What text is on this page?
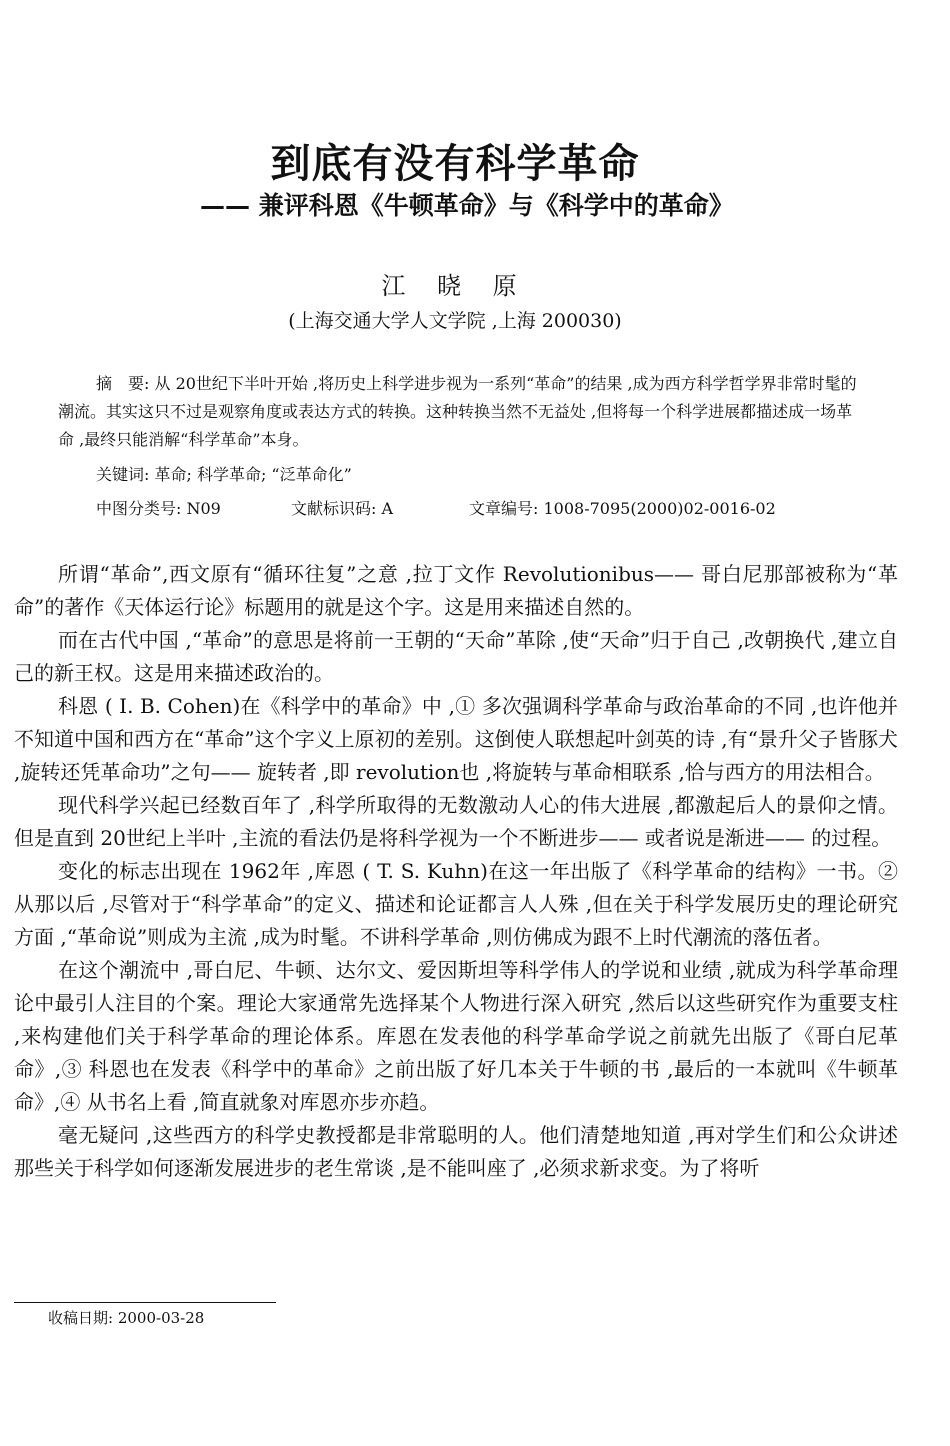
到底有没有科学革命
—— 兼评科恩《牛顿革命》与《科学中的革命》
江 晓 原
(上海交通大学人文学院 ,上海 200030)

摘　要: 从 20世纪下半叶开始 ,将历史上科学进步视为一系列“革命”的结果 ,成为西方科学哲学界非常时髦的潮流。其实这只不过是观察角度或表达方式的转换。这种转换当然不无益处 ,但将每一个科学进展都描述成一场革命 ,最终只能消解“科学革命”本身。

关键词: 革命; 科学革命; “泛革命化”
中图分类号: N09	文献标识码: A	文章编号: 1008-7095(2000)02-0016-02

所谓“革命”,西文原有“循环往复”之意 ,拉丁文作 Revolutionibus—— 哥白尼那部被称为“革命”的著作《天体运行论》标题用的就是这个字。这是用来描述自然的。

而在古代中国 ,“革命”的意思是将前一王朝的“天命”革除 ,使“天命”归于自己 ,改朝换代 ,建立自己的新王权。这是用来描述政治的。

科恩 ( I. B. Cohen)在《科学中的革命》中 ,① 多次强调科学革命与政治革命的不同 ,也许他并不知道中国和西方在“革命”这个字义上原初的差别。这倒使人联想起叶剑英的诗 ,有“景升父子皆豚犬 ,旋转还凭革命功”之句—— 旋转者 ,即 revolution也 ,将旋转与革命相联系 ,恰与西方的用法相合。

现代科学兴起已经数百年了 ,科学所取得的无数激动人心的伟大进展 ,都激起后人的景仰之情。但是直到 20世纪上半叶 ,主流的看法仍是将科学视为一个不断进步—— 或者说是渐进—— 的过程。

变化的标志出现在 1962年 ,库恩 ( T. S. Kuhn)在这一年出版了《科学革命的结构》一书。② 从那以后 ,尽管对于“科学革命”的定义、描述和论证都言人人殊 ,但在关于科学发展历史的理论研究方面 ,“革命说”则成为主流 ,成为时髦。不讲科学革命 ,则仿佛成为跟不上时代潮流的落伍者。

在这个潮流中 ,哥白尼、牛顿、达尔文、爱因斯坦等科学伟人的学说和业绩 ,就成为科学革命理论中最引人注目的个案。理论大家通常先选择某个人物进行深入研究 ,然后以这些研究作为重要支柱 ,来构建他们关于科学革命的理论体系。库恩在发表他的科学革命学说之前就先出版了《哥白尼革命》,③ 科恩也在发表《科学中的革命》之前出版了好几本关于牛顿的书 ,最后的一本就叫《牛顿革命》,④ 从书名上看 ,简直就象对库恩亦步亦趋。

毫无疑问 ,这些西方的科学史教授都是非常聪明的人。他们清楚地知道 ,再对学生们和公众讲述那些关于科学如何逐渐发展进步的老生常谈 ,是不能叫座了 ,必须求新求变。为了将听

收稿日期: 2000-03-28
